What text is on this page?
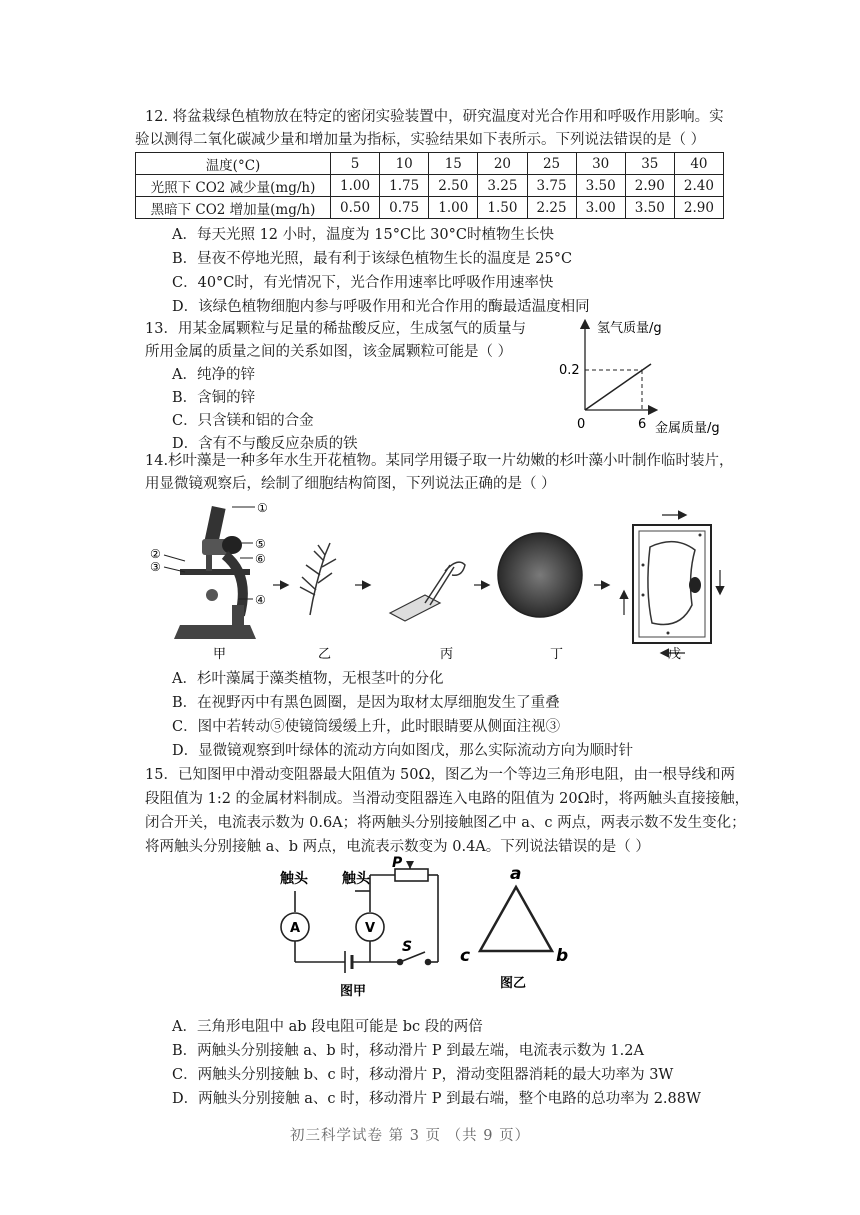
12. 将盆栽绿色植物放在特定的密闭实验装置中，研究温度对光合作用和呼吸作用影响。实
验以测得二氧化碳减少量和增加量为指标，实验结果如下表所示。下列说法错误的是（ ）
温度(°C)	5	10	15	20	25	30	35	40
光照下 CO2 减少量(mg/h)	1.00	1.75	2.50	3.25	3.75	3.50	2.90	2.40
黑暗下 CO2 增加量(mg/h)	0.50	0.75	1.00	1.50	2.25	3.00	3.50	2.90
A．每天光照 12 小时，温度为 15°C比 30°C时植物生长快
B．昼夜不停地光照，最有利于该绿色植物生长的温度是 25°C
C．40°C时，有光情况下，光合作用速率比呼吸作用速率快
D．该绿色植物细胞内参与呼吸作用和光合作用的酶最适温度相同
13．用某金属颗粒与足量的稀盐酸反应，生成氢气的质量与
所用金属的质量之间的关系如图，该金属颗粒可能是（ ）
A．纯净的锌
B．含铜的锌
C．只含镁和铝的合金
D．含有不与酸反应杂质的铁
氢气质量/g
0.2
0	6 金属质量/g
14.杉叶藻是一种多年水生开花植物。某同学用镊子取一片幼嫩的杉叶藻小叶制作临时装片，
用显微镜观察后，绘制了细胞结构简图，下列说法正确的是（ ）
①
⑤
⑥
②
③
④
甲	乙	丙	丁	戊
A．杉叶藻属于藻类植物，无根茎叶的分化
B．在视野丙中有黑色圆圈，是因为取材太厚细胞发生了重叠
C．图中若转动⑤使镜筒缓缓上升，此时眼睛要从侧面注视③
D．显微镜观察到叶绿体的流动方向如图戊，那么实际流动方向为顺时针
15．已知图甲中滑动变阻器最大阻值为 50Ω，图乙为一个等边三角形电阻，由一根导线和两
段阻值为 1:2 的金属材料制成。当滑动变阻器连入电路的阻值为 20Ω时，将两触头直接接触，
闭合开关，电流表示数为 0.6A；将两触头分别接触图乙中 a、c 两点，两表示数不发生变化；
将两触头分别接触 a、b 两点，电流表示数变为 0.4A。下列说法错误的是（ ）
触头 触头
P
A	V
S
图甲
a
b
c
图乙
A．三角形电阻中 ab 段电阻可能是 bc 段的两倍
B．两触头分别接触 a、b 时，移动滑片 P 到最左端，电流表示数为 1.2A
C．两触头分别接触 b、c 时，移动滑片 P，滑动变阻器消耗的最大功率为 3W
D．两触头分别接触 a、c 时，移动滑片 P 到最右端，整个电路的总功率为 2.88W
初三科学试卷 第 3 页 （共 9 页）
